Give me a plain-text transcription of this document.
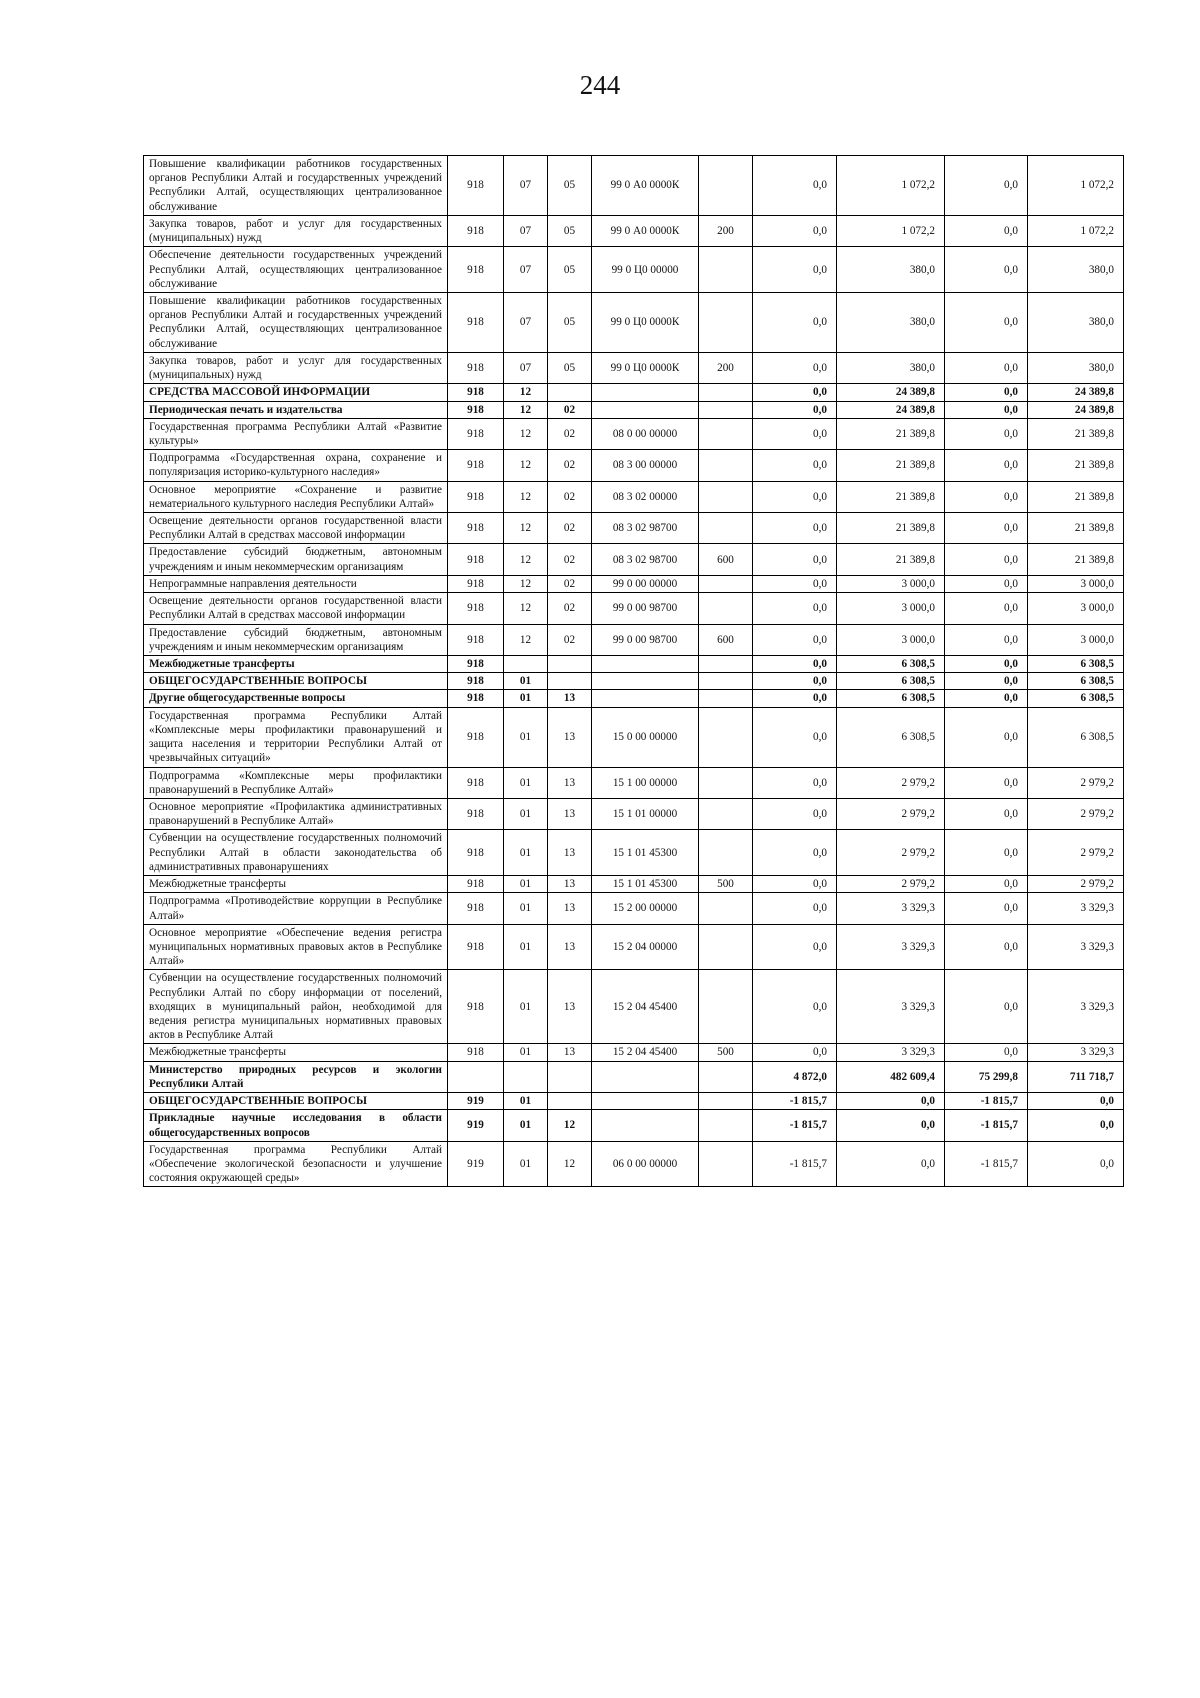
244
Повышение квалификации работников государственных органов Республики Алтай и государственных учреждений Республики Алтай, осуществляющих централизованное обслуживание	918	07	05	99 0 А0 0000К		0,0	1 072,2	0,0	1 072,2
Закупка товаров, работ и услуг для государственных (муниципальных) нужд	918	07	05	99 0 А0 0000К	200	0,0	1 072,2	0,0	1 072,2
Обеспечение деятельности государственных учреждений Республики Алтай, осуществляющих централизованное обслуживание	918	07	05	99 0 Ц0 00000		0,0	380,0	0,0	380,0
Повышение квалификации работников государственных органов Республики Алтай и государственных учреждений Республики Алтай, осуществляющих централизованное обслуживание	918	07	05	99 0 Ц0 0000К		0,0	380,0	0,0	380,0
Закупка товаров, работ и услуг для государственных (муниципальных) нужд	918	07	05	99 0 Ц0 0000К	200	0,0	380,0	0,0	380,0
СРЕДСТВА МАССОВОЙ ИНФОРМАЦИИ	918	12				0,0	24 389,8	0,0	24 389,8
Периодическая печать и издательства	918	12	02			0,0	24 389,8	0,0	24 389,8
Государственная программа Республики Алтай «Развитие культуры»	918	12	02	08 0 00 00000		0,0	21 389,8	0,0	21 389,8
Подпрограмма «Государственная охрана, сохранение и популяризация историко-культурного наследия»	918	12	02	08 3 00 00000		0,0	21 389,8	0,0	21 389,8
Основное мероприятие «Сохранение и развитие нематериального культурного наследия Республики Алтай»	918	12	02	08 3 02 00000		0,0	21 389,8	0,0	21 389,8
Освещение деятельности органов государственной власти Республики Алтай в средствах массовой информации	918	12	02	08 3 02 98700		0,0	21 389,8	0,0	21 389,8
Предоставление субсидий бюджетным, автономным учреждениям и иным некоммерческим организациям	918	12	02	08 3 02 98700	600	0,0	21 389,8	0,0	21 389,8
Непрограммные направления деятельности	918	12	02	99 0 00 00000		0,0	3 000,0	0,0	3 000,0
Освещение деятельности органов государственной власти Республики Алтай в средствах массовой информации	918	12	02	99 0 00 98700		0,0	3 000,0	0,0	3 000,0
Предоставление субсидий бюджетным, автономным учреждениям и иным некоммерческим организациям	918	12	02	99 0 00 98700	600	0,0	3 000,0	0,0	3 000,0
Межбюджетные трансферты	918					0,0	6 308,5	0,0	6 308,5
ОБЩЕГОСУДАРСТВЕННЫЕ ВОПРОСЫ	918	01				0,0	6 308,5	0,0	6 308,5
Другие общегосударственные вопросы	918	01	13			0,0	6 308,5	0,0	6 308,5
Государственная программа Республики Алтай «Комплексные меры профилактики правонарушений и защита населения и территории Республики Алтай от чрезвычайных ситуаций»	918	01	13	15 0 00 00000		0,0	6 308,5	0,0	6 308,5
Подпрограмма «Комплексные меры профилактики правонарушений в Республике Алтай»	918	01	13	15 1 00 00000		0,0	2 979,2	0,0	2 979,2
Основное мероприятие «Профилактика административных правонарушений в Республике Алтай»	918	01	13	15 1 01 00000		0,0	2 979,2	0,0	2 979,2
Субвенции на осуществление государственных полномочий Республики Алтай в области законодательства об административных правонарушениях	918	01	13	15 1 01 45300		0,0	2 979,2	0,0	2 979,2
Межбюджетные трансферты	918	01	13	15 1 01 45300	500	0,0	2 979,2	0,0	2 979,2
Подпрограмма «Противодействие коррупции в Республике Алтай»	918	01	13	15 2 00 00000		0,0	3 329,3	0,0	3 329,3
Основное мероприятие «Обеспечение ведения регистра муниципальных нормативных правовых актов в Республике Алтай»	918	01	13	15 2 04 00000		0,0	3 329,3	0,0	3 329,3
Субвенции на осуществление государственных полномочий Республики Алтай по сбору информации от поселений, входящих в муниципальный район, необходимой для ведения регистра муниципальных нормативных правовых актов в Республике Алтай	918	01	13	15 2 04 45400		0,0	3 329,3	0,0	3 329,3
Межбюджетные трансферты	918	01	13	15 2 04 45400	500	0,0	3 329,3	0,0	3 329,3
Министерство природных ресурсов и экологии Республики Алтай						4 872,0	482 609,4	75 299,8	711 718,7
ОБЩЕГОСУДАРСТВЕННЫЕ ВОПРОСЫ	919	01				-1 815,7	0,0	-1 815,7	0,0
Прикладные научные исследования в области общегосударственных вопросов	919	01	12			-1 815,7	0,0	-1 815,7	0,0
Государственная программа Республики Алтай «Обеспечение экологической безопасности и улучшение состояния окружающей среды»	919	01	12	06 0 00 00000		-1 815,7	0,0	-1 815,7	0,0
